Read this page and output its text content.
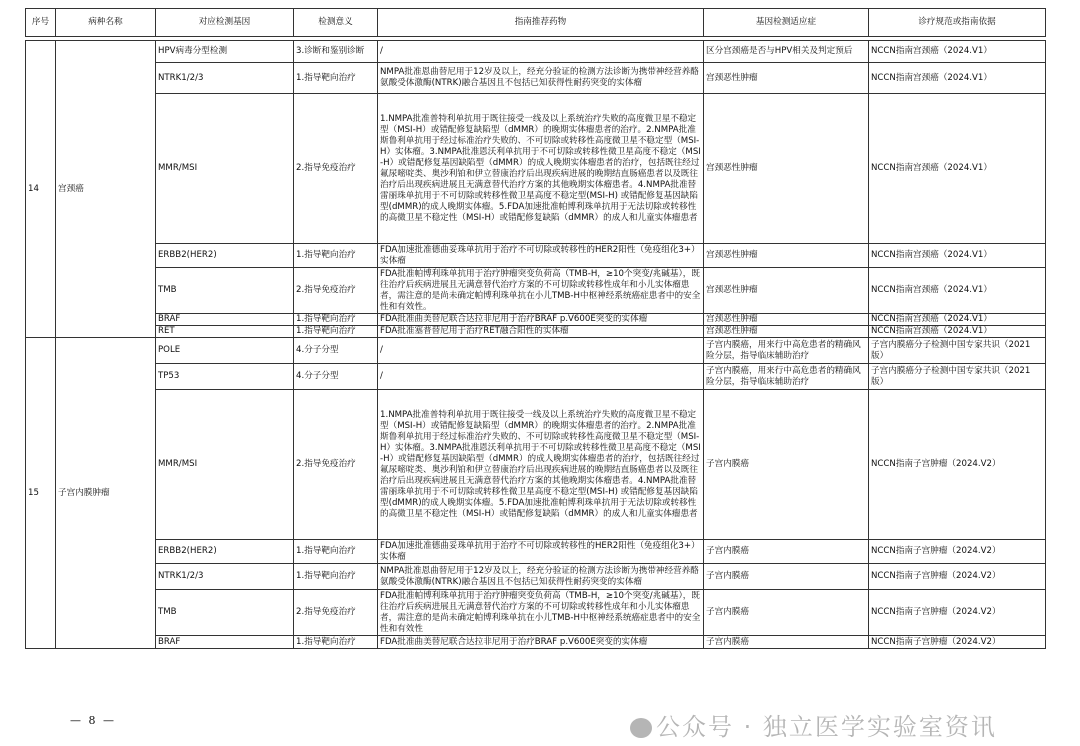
序号	病种名称	对应检测基因	检测意义	指南推荐药物	基因检测适应症	诊疗规范或指南依据

14	宫颈癌	HPV病毒分型检测	3.诊断和鉴别诊断	/	区分宫颈癌是否与HPV相关及判定预后	NCCN指南宫颈癌（2024.V1）
		NTRK1/2/3	1.指导靶向治疗	NMPA批准恩曲替尼用于12岁及以上，经充分验证的检测方法诊断为携带神经营养酪氨酸受体激酶(NTRK)融合基因且不包括已知获得性耐药突变的实体瘤	宫颈恶性肿瘤	NCCN指南宫颈癌（2024.V1）
		MMR/MSI	2.指导免疫治疗	1.NMPA批准普特利单抗用于既往接受一线及以上系统治疗失败的高度微卫星不稳定型（MSI-H）或错配修复缺陷型（dMMR）的晚期实体瘤患者的治疗。2.NMPA批准斯鲁利单抗用于经过标准治疗失败的、不可切除或转移性高度微卫星不稳定型（MSI-H）实体瘤。3.NMPA批准恩沃利单抗用于不可切除或转移性微卫星高度不稳定（MSI-H）或错配修复基因缺陷型（dMMR）的成人晚期实体瘤患者的治疗，包括既往经过氟尿嘧啶类、奥沙利铂和伊立替康治疗后出现疾病进展的晚期结直肠癌患者以及既往治疗后出现疾病进展且无满意替代治疗方案的其他晚期实体瘤患者。4.NMPA批准替雷丽珠单抗用于不可切除或转移性微卫星高度不稳定型(MSI-H) 或错配修复基因缺陷型(dMMR)的成人晚期实体瘤。5.FDA加速批准帕博利珠单抗用于无法切除或转移性的高微卫星不稳定性（MSI-H）或错配修复缺陷（dMMR）的成人和儿童实体瘤患者	宫颈恶性肿瘤	NCCN指南宫颈癌（2024.V1）
		ERBB2(HER2)	1.指导靶向治疗	FDA加速批准德曲妥珠单抗用于治疗不可切除或转移性的HER2阳性（免疫组化3+）实体瘤	宫颈恶性肿瘤	NCCN指南宫颈癌（2024.V1）
		TMB	2.指导免疫治疗	FDA批准帕博利珠单抗用于治疗肿瘤突变负荷高（TMB-H，≥10个突变/兆碱基），既往治疗后疾病进展且无满意替代治疗方案的不可切除或转移性成年和小儿实体瘤患者，需注意的是尚未确定帕博利珠单抗在小儿TMB-H中枢神经系统癌症患者中的安全性和有效性。	宫颈恶性肿瘤	NCCN指南宫颈癌（2024.V1）
		BRAF	1.指导靶向治疗	FDA批准曲美替尼联合达拉非尼用于治疗BRAF p.V600E突变的实体瘤	宫颈恶性肿瘤	NCCN指南宫颈癌（2024.V1）
		RET	1.指导靶向治疗	FDA批准塞普替尼用于治疗RET融合阳性的实体瘤	宫颈恶性肿瘤	NCCN指南宫颈癌（2024.V1）
15	子宫内膜肿瘤	POLE	4.分子分型	/	子宫内膜癌，用来行中高危患者的精确风险分层，指导临床辅助治疗	子宫内膜癌分子检测中国专家共识（2021版）
		TP53	4.分子分型	/	子宫内膜癌，用来行中高危患者的精确风险分层，指导临床辅助治疗	子宫内膜癌分子检测中国专家共识（2021版）
		MMR/MSI	2.指导免疫治疗	1.NMPA批准普特利单抗用于既往接受一线及以上系统治疗失败的高度微卫星不稳定型（MSI-H）或错配修复缺陷型（dMMR）的晚期实体瘤患者的治疗。2.NMPA批准斯鲁利单抗用于经过标准治疗失败的、不可切除或转移性高度微卫星不稳定型（MSI-H）实体瘤。3.NMPA批准恩沃利单抗用于不可切除或转移性微卫星高度不稳定（MSI-H）或错配修复基因缺陷型（dMMR）的成人晚期实体瘤患者的治疗，包括既往经过氟尿嘧啶类、奥沙利铂和伊立替康治疗后出现疾病进展的晚期结直肠癌患者以及既往治疗后出现疾病进展且无满意替代治疗方案的其他晚期实体瘤患者。4.NMPA批准替雷丽珠单抗用于不可切除或转移性微卫星高度不稳定型(MSI-H) 或错配修复基因缺陷型(dMMR)的成人晚期实体瘤。5.FDA加速批准帕博利珠单抗用于无法切除或转移性的高微卫星不稳定性（MSI-H）或错配修复缺陷（dMMR）的成人和儿童实体瘤患者	子宫内膜癌	NCCN指南子宫肿瘤（2024.V2）
		ERBB2(HER2)	1.指导靶向治疗	FDA加速批准德曲妥珠单抗用于治疗不可切除或转移性的HER2阳性（免疫组化3+）实体瘤	子宫内膜癌	NCCN指南子宫肿瘤（2024.V2）
		NTRK1/2/3	1.指导靶向治疗	NMPA批准恩曲替尼用于12岁及以上，经充分验证的检测方法诊断为携带神经营养酪氨酸受体激酶(NTRK)融合基因且不包括已知获得性耐药突变的实体瘤	子宫内膜癌	NCCN指南子宫肿瘤（2024.V2）
		TMB	2.指导免疫治疗	FDA批准帕博利珠单抗用于治疗肿瘤突变负荷高（TMB-H，≥10个突变/兆碱基），既往治疗后疾病进展且无满意替代治疗方案的不可切除或转移性成年和小儿实体瘤患者，需注意的是尚未确定帕博利珠单抗在小儿TMB-H中枢神经系统癌症患者中的安全性和有效性	子宫内膜癌	NCCN指南子宫肿瘤（2024.V2）
		BRAF	1.指导靶向治疗	FDA批准曲美替尼联合达拉非尼用于治疗BRAF p.V600E突变的实体瘤	子宫内膜癌	NCCN指南子宫肿瘤（2024.V2）
— 8 —	公众号 · 独立医学实验室资讯
